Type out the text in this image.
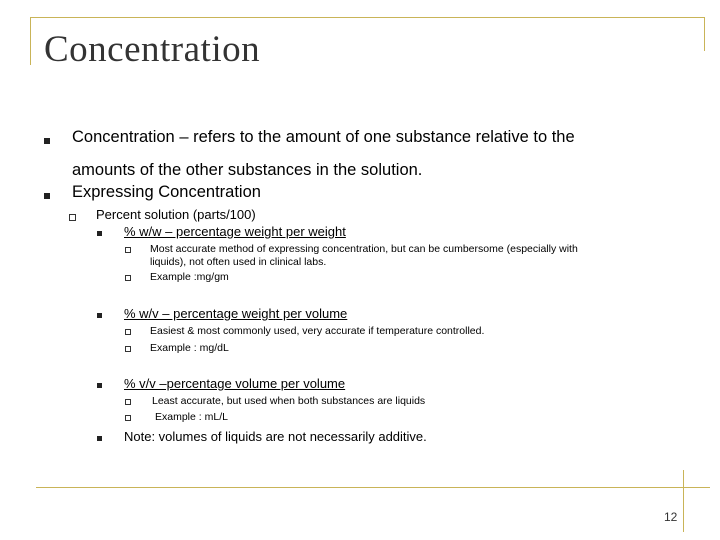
Concentration
Concentration – refers to the amount of one substance relative to the
amounts of the other substances in the solution.
Expressing Concentration
Percent solution (parts/100)
% w/w – percentage weight per weight
Most accurate method of expressing concentration, but can be cumbersome (especially with
liquids), not often used in clinical labs.
Example :mg/gm
% w/v – percentage weight per volume
Easiest & most commonly used, very accurate if temperature controlled.
Example : mg/dL
% v/v –percentage volume per volume
Least accurate, but used when both substances are liquids
Example : mL/L
Note: volumes of liquids are not necessarily additive.
12
